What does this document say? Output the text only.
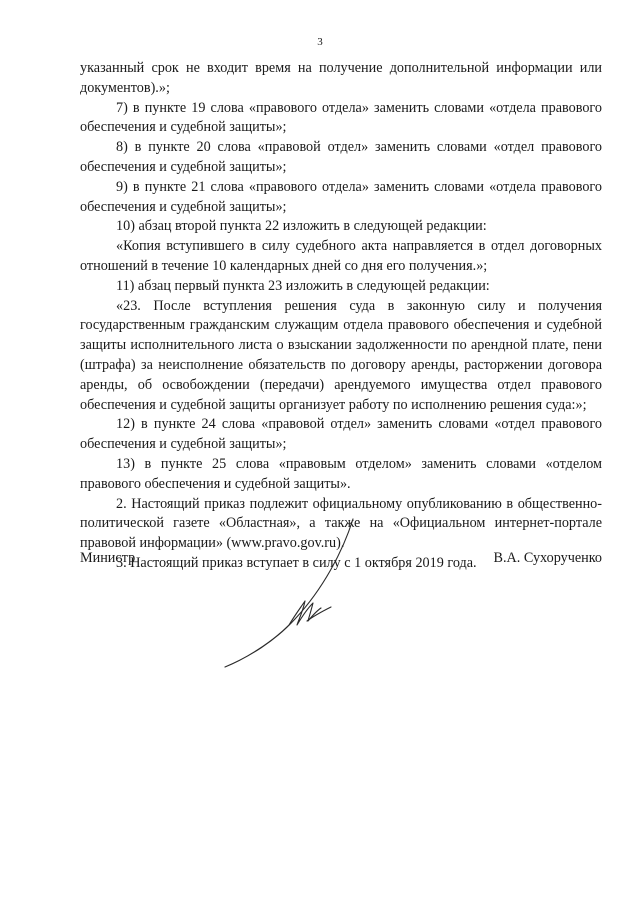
3

указанный срок не входит время на получение дополнительной информации или документов).»;

7) в пункте 19 слова «правового отдела» заменить словами «отдела правового обеспечения и судебной защиты»;

8) в пункте 20 слова «правовой отдел» заменить словами «отдел правового обеспечения и судебной защиты»;

9) в пункте 21 слова «правового отдела» заменить словами «отдела правового обеспечения и судебной защиты»;

10) абзац второй пункта 22 изложить в следующей редакции:

«Копия вступившего в силу судебного акта направляется в отдел договорных отношений в течение 10 календарных дней со дня его получения.»;

11) абзац первый пункта 23 изложить в следующей редакции:

«23. После вступления решения суда в законную силу и получения государственным гражданским служащим отдела правового обеспечения и судебной защиты исполнительного листа о взыскании задолженности по арендной плате, пени (штрафа) за неисполнение обязательств по договору аренды, расторжении договора аренды, об освобождении (передачи) арендуемого имущества отдел правового обеспечения и судебной защиты организует работу по исполнению решения суда:»;

12) в пункте 24 слова «правовой отдел» заменить словами «отдел правового обеспечения и судебной защиты»;

13) в пункте 25 слова «правовым отделом» заменить словами «отделом правового обеспечения и судебной защиты».

2. Настоящий приказ подлежит официальному опубликованию в общественно-политической газете «Областная», а также на «Официальном интернет-портале правовой информации» (www.pravo.gov.ru).

3. Настоящий приказ вступает в силу с 1 октября 2019 года.

Министр	В.А. Сухорученко
